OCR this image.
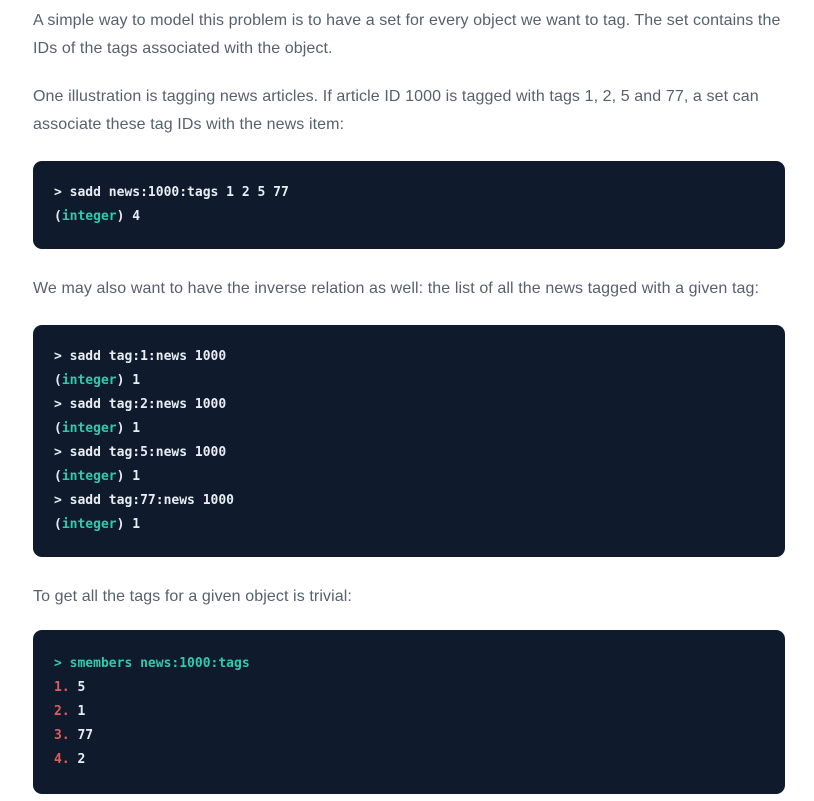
A simple way to model this problem is to have a set for every object we want to tag. The set contains the IDs of the tags associated with the object.

One illustration is tagging news articles. If article ID 1000 is tagged with tags 1, 2, 5 and 77, a set can associate these tag IDs with the news item:

> sadd news:1000:tags 1 2 5 77
(integer) 4

We may also want to have the inverse relation as well: the list of all the news tagged with a given tag:

> sadd tag:1:news 1000
(integer) 1
> sadd tag:2:news 1000
(integer) 1
> sadd tag:5:news 1000
(integer) 1
> sadd tag:77:news 1000
(integer) 1

To get all the tags for a given object is trivial:

> smembers news:1000:tags
1. 5
2. 1
3. 77
4. 2
